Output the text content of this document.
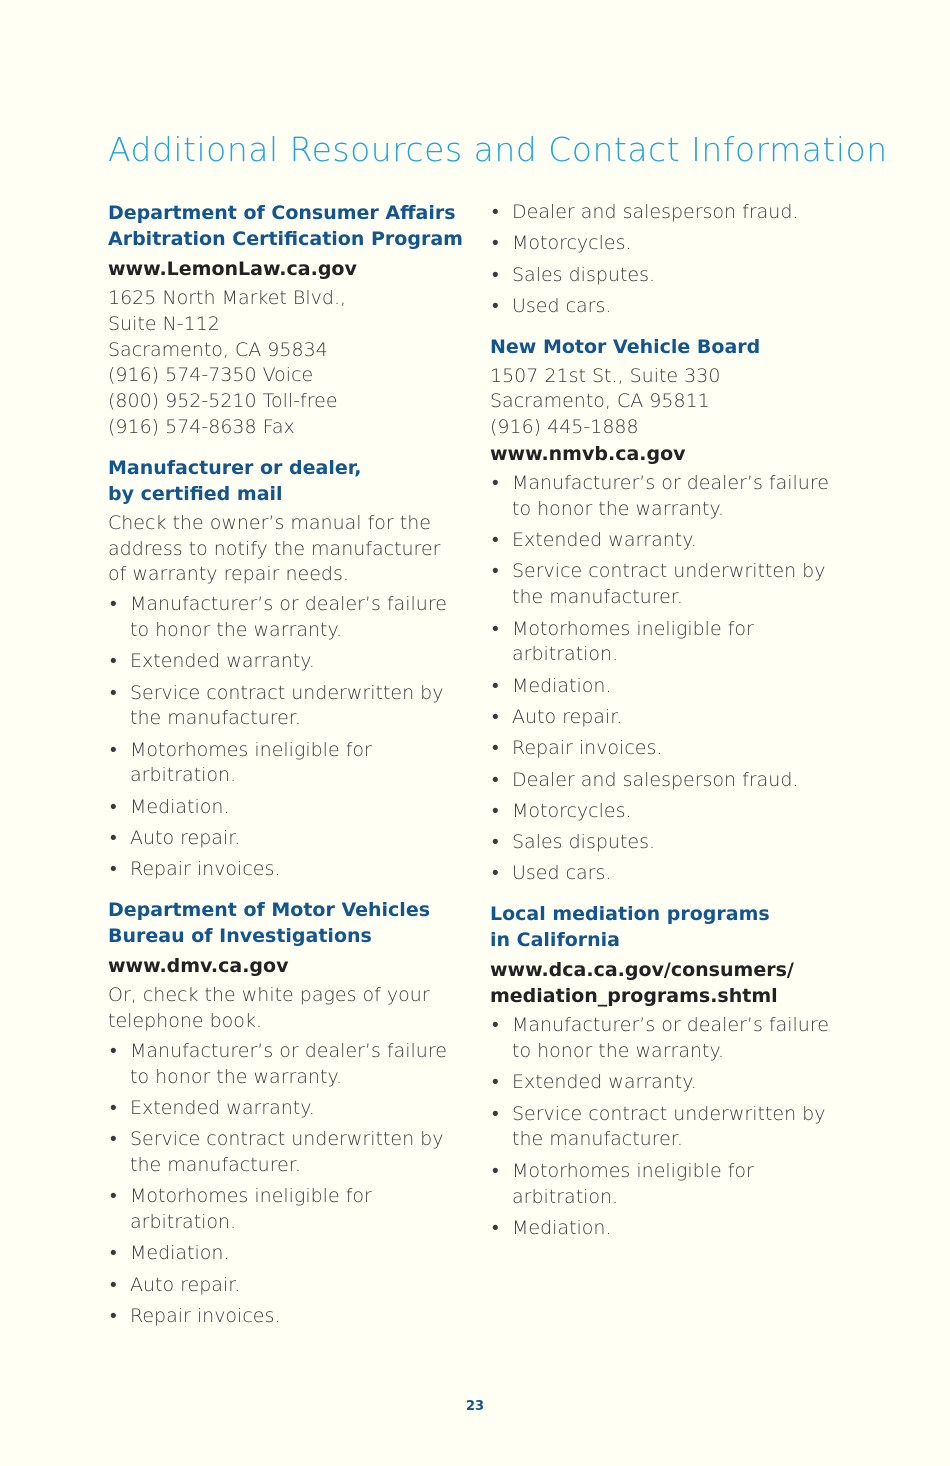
Additional Resources and Contact Information
Department of Consumer Affairs
Arbitration Certification Program
www.LemonLaw.ca.gov
1625 North Market Blvd.,
Suite N-112
Sacramento, CA 95834
(916) 574-7350 Voice
(800) 952-5210 Toll-free
(916) 574-8638 Fax
Manufacturer or dealer,
by certified mail
Check the owner’s manual for the
address to notify the manufacturer
of warranty repair needs.
• Manufacturer’s or dealer’s failure
to honor the warranty.
• Extended warranty.
• Service contract underwritten by
the manufacturer.
• Motorhomes ineligible for
arbitration.
• Mediation.
• Auto repair.
• Repair invoices.
Department of Motor Vehicles
Bureau of Investigations
www.dmv.ca.gov
Or, check the white pages of your
telephone book.
• Manufacturer’s or dealer’s failure
to honor the warranty.
• Extended warranty.
• Service contract underwritten by
the manufacturer.
• Motorhomes ineligible for
arbitration.
• Mediation.
• Auto repair.
• Repair invoices.
• Dealer and salesperson fraud.
• Motorcycles.
• Sales disputes.
• Used cars.
New Motor Vehicle Board
1507 21st St., Suite 330
Sacramento, CA 95811
(916) 445-1888
www.nmvb.ca.gov
• Manufacturer’s or dealer’s failure
to honor the warranty.
• Extended warranty.
• Service contract underwritten by
the manufacturer.
• Motorhomes ineligible for
arbitration.
• Mediation.
• Auto repair.
• Repair invoices.
• Dealer and salesperson fraud.
• Motorcycles.
• Sales disputes.
• Used cars.
Local mediation programs
in California
www.dca.ca.gov/consumers/
mediation_programs.shtml
• Manufacturer’s or dealer’s failure
to honor the warranty.
• Extended warranty.
• Service contract underwritten by
the manufacturer.
• Motorhomes ineligible for
arbitration.
• Mediation.
23
